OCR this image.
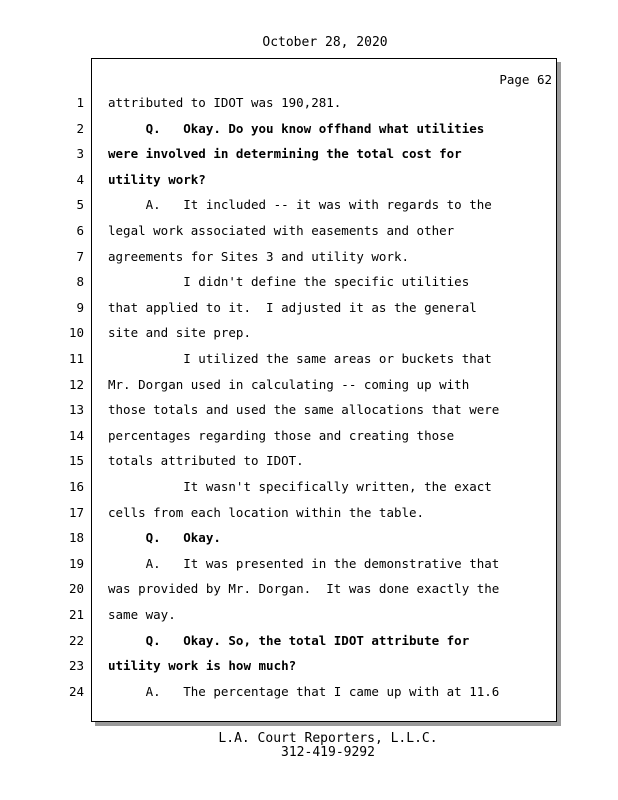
October 28, 2020
Page 62
1 attributed to IDOT was 190,281.
2 Q.   Okay. Do you know offhand what utilities
3 were involved in determining the total cost for
4 utility work?
5 A.   It included -- it was with regards to the
6 legal work associated with easements and other
7 agreements for Sites 3 and utility work.
8 I didn't define the specific utilities
9 that applied to it.  I adjusted it as the general
10 site and site prep.
11 I utilized the same areas or buckets that
12 Mr. Dorgan used in calculating -- coming up with
13 those totals and used the same allocations that were
14 percentages regarding those and creating those
15 totals attributed to IDOT.
16 It wasn't specifically written, the exact
17 cells from each location within the table.
18 Q.   Okay.
19 A.   It was presented in the demonstrative that
20 was provided by Mr. Dorgan.  It was done exactly the
21 same way.
22 Q.   Okay. So, the total IDOT attribute for
23 utility work is how much?
24 A.   The percentage that I came up with at 11.6
L.A. Court Reporters, L.L.C.
312-419-9292
